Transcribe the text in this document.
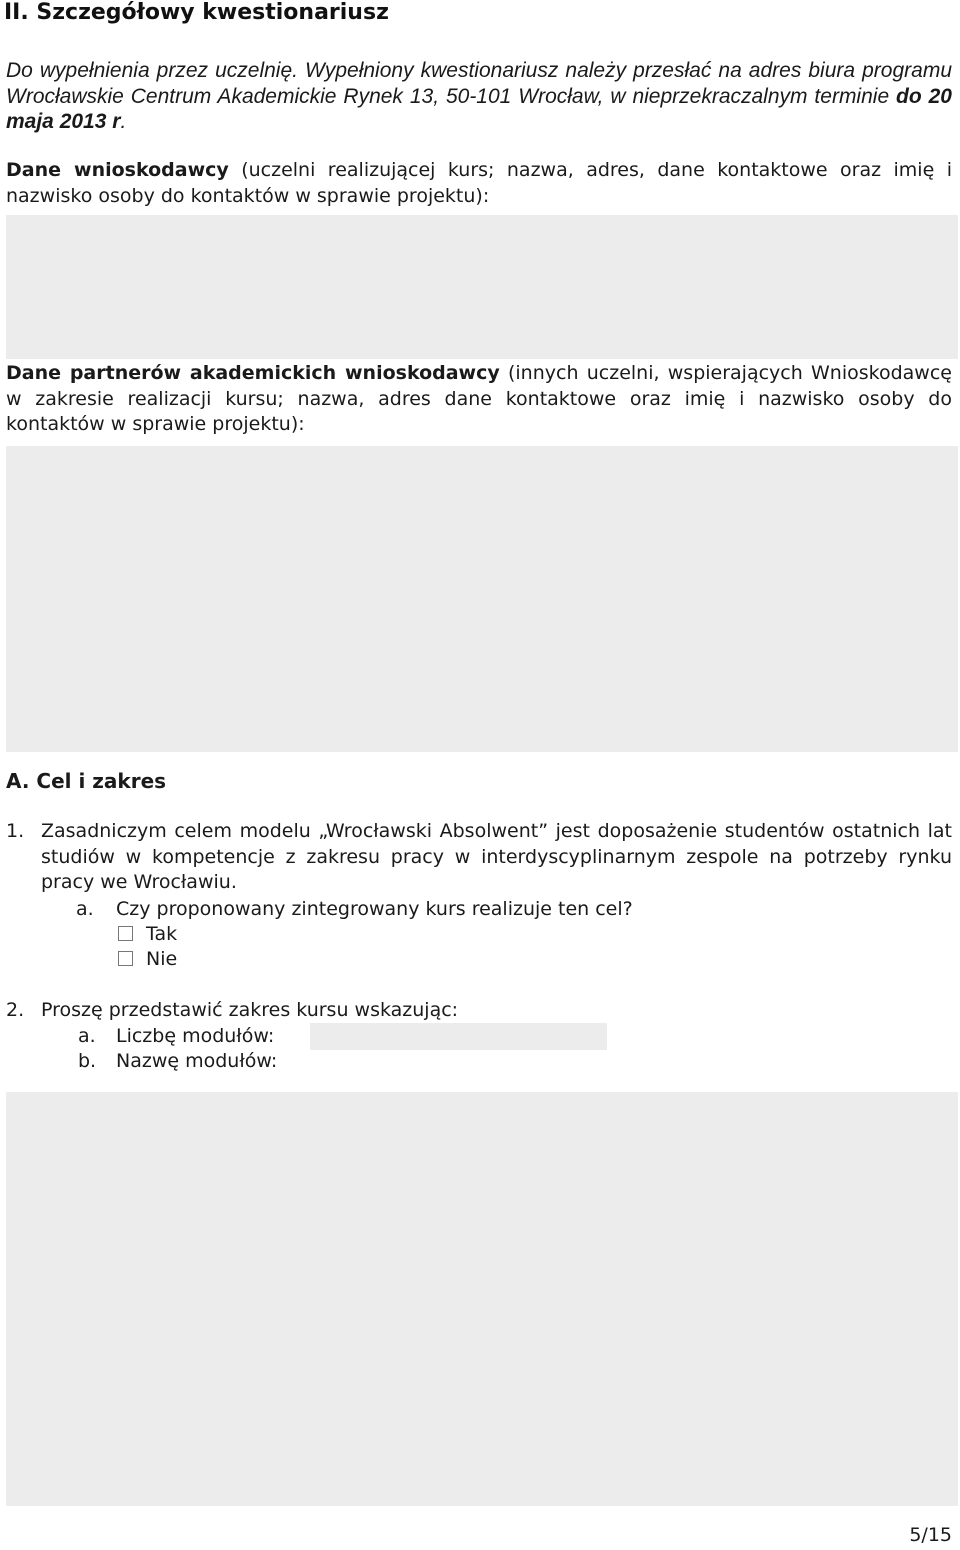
II. Szczegółowy kwestionariusz
Do wypełnienia przez uczelnię. Wypełniony kwestionariusz należy przesłać na adres biura programu Wrocławskie Centrum Akademickie Rynek 13, 50-101 Wrocław, w nieprzekraczalnym terminie do 20 maja 2013 r.
Dane wnioskodawcy (uczelni realizującej kurs; nazwa, adres, dane kontaktowe oraz imię i nazwisko osoby do kontaktów w sprawie projektu):
Dane partnerów akademickich wnioskodawcy (innych uczelni, wspierających Wnioskodawcę w zakresie realizacji kursu; nazwa, adres dane kontaktowe oraz imię i nazwisko osoby do kontaktów w sprawie projektu):
A. Cel i zakres
1. Zasadniczym celem modelu „Wrocławski Absolwent” jest doposażenie studentów ostatnich lat studiów w kompetencje z zakresu pracy w interdyscyplinarnym zespole na potrzeby rynku pracy we Wrocławiu.
a. Czy proponowany zintegrowany kurs realizuje ten cel?
Tak
Nie
2. Proszę przedstawić zakres kursu wskazując:
a. Liczbę modułów:
b. Nazwę modułów:
5/15
